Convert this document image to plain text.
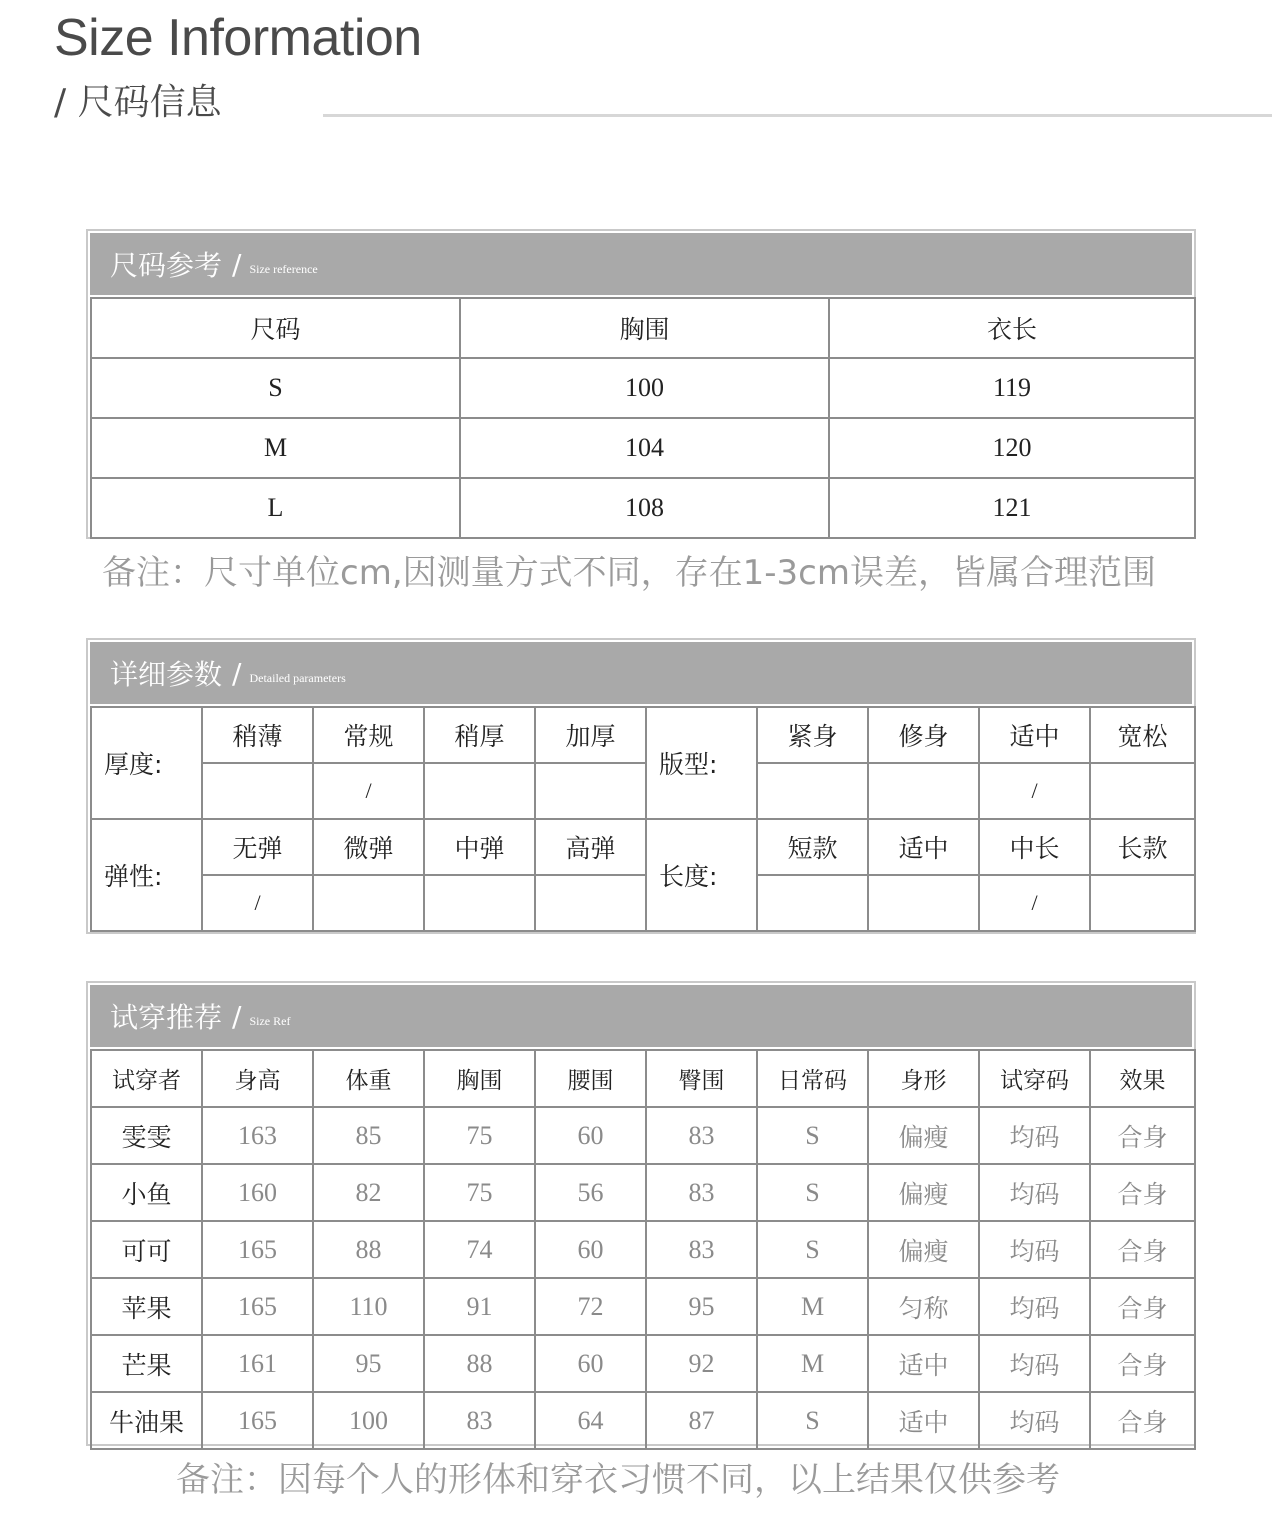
Size Information
/ 尺码信息
尺码参考 / Size reference
尺码	胸围	衣长
S	100	119
M	104	120
L	108	121
备注：尺寸单位cm,因测量方式不同，存在1-3cm误差，皆属合理范围
详细参数 / Detailed parameters
厚度:	稍薄	常规	稍厚	加厚	版型:	紧身	修身	适中	宽松
		/						/	
弹性:	无弹	微弹	中弹	高弹	长度:	短款	适中	中长	长款
	/							/	
试穿推荐 / Size Ref
试穿者	身高	体重	胸围	腰围	臀围	日常码	身形	试穿码	效果
雯雯	163	85	75	60	83	S	偏瘦	均码	合身
小鱼	160	82	75	56	83	S	偏瘦	均码	合身
可可	165	88	74	60	83	S	偏瘦	均码	合身
苹果	165	110	91	72	95	M	匀称	均码	合身
芒果	161	95	88	60	92	M	适中	均码	合身
牛油果	165	100	83	64	87	S	适中	均码	合身
备注：因每个人的形体和穿衣习惯不同，以上结果仅供参考
